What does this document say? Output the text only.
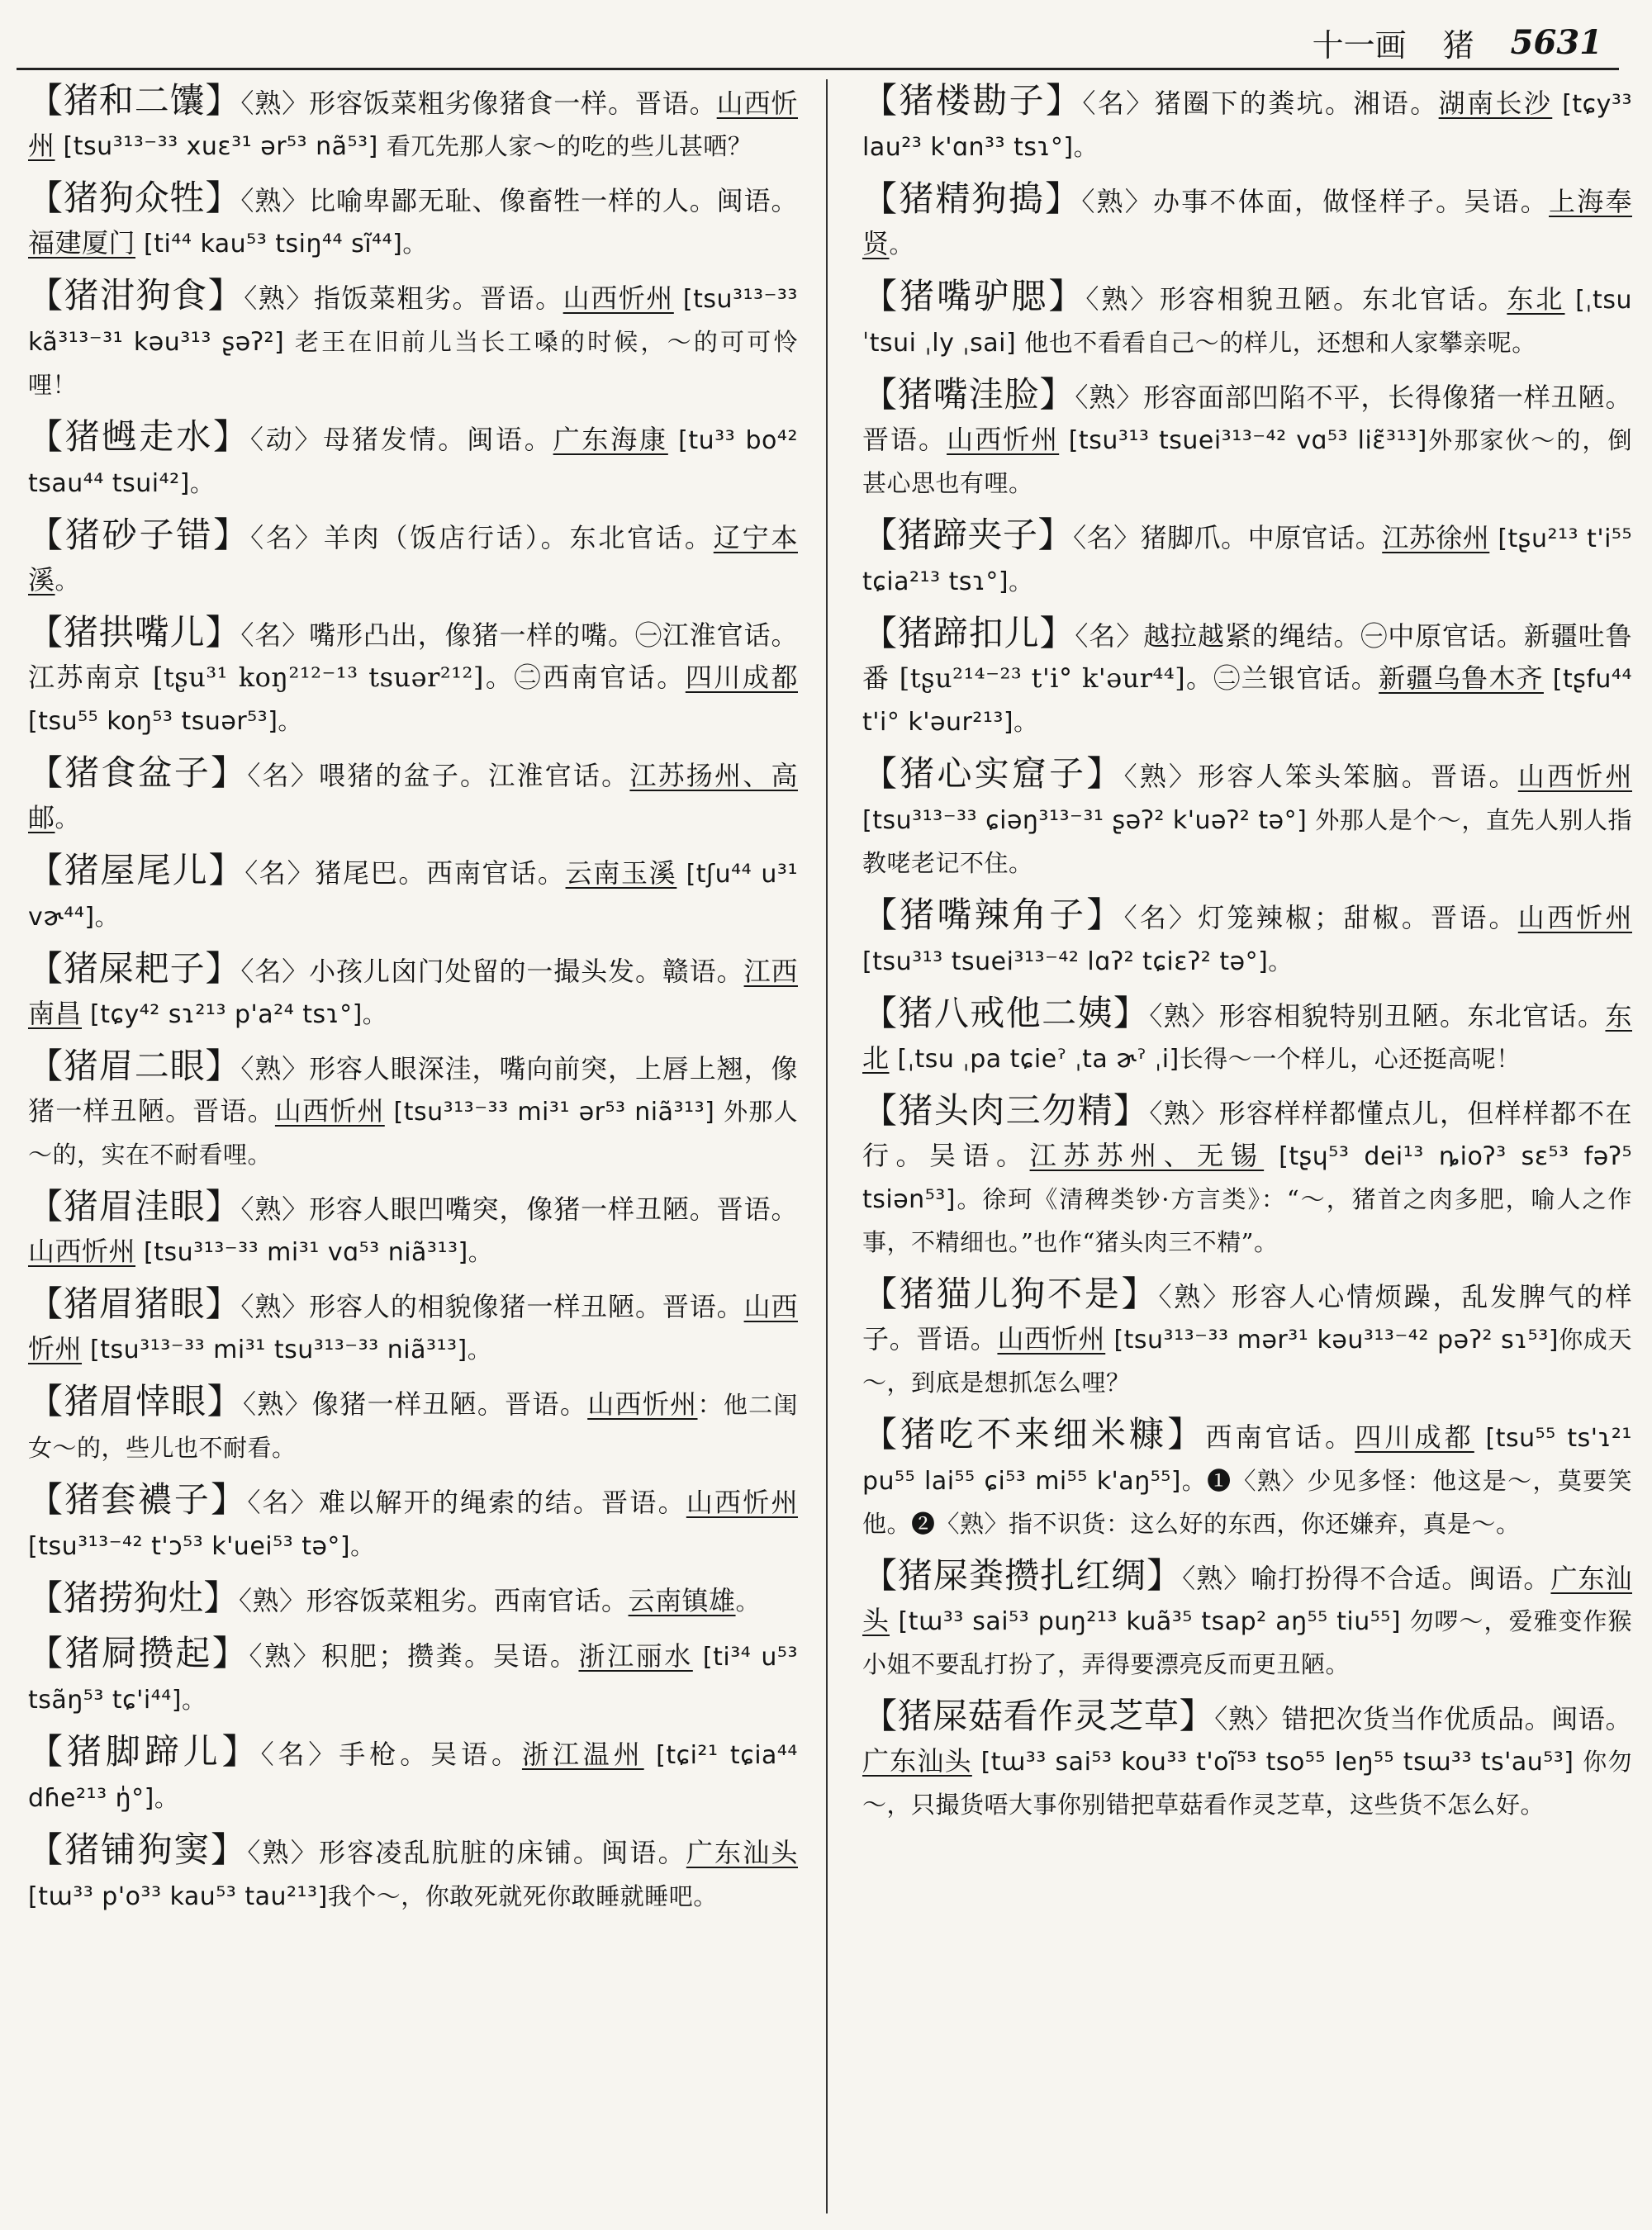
十一画 猪 5631
【猪和二馕】〈熟〉形容饭菜粗劣像猪食一样。晋语。山西忻州 [tsu³¹³⁻³³ xuɛ³¹ ər⁵³ nã⁵³] 看兀先那人家～的吃的些儿甚哂？
【猪狗众牲】〈熟〉比喻卑鄙无耻、像畜牲一样的人。闽语。福建厦门 [ti⁴⁴ kau⁵³ tsiŋ⁴⁴ sĩ⁴⁴]。
【猪泔狗食】〈熟〉指饭菜粗劣。晋语。山西忻州 [tsu³¹³⁻³³ kã³¹³⁻³¹ kəu³¹³ ʂəʔ²] 老王在旧前儿当长工嗓的时候，～的可可怜哩！
【猪乸走水】〈动〉母猪发情。闽语。广东海康 [tu³³ bo⁴² tsau⁴⁴ tsui⁴²]。
【猪砂子错】〈名〉羊肉（饭店行话）。东北官话。辽宁本溪。
【猪拱嘴儿】〈名〉嘴形凸出，像猪一样的嘴。㊀江淮官话。江苏南京 [tʂu³¹ koŋ²¹²⁻¹³ tsuər²¹²]。㊁西南官话。四川成都 [tsu⁵⁵ koŋ⁵³ tsuər⁵³]。
【猪食盆子】〈名〉喂猪的盆子。江淮官话。江苏扬州、高邮。
【猪屋尾儿】〈名〉猪尾巴。西南官话。云南玉溪 [tʃu⁴⁴ u³¹ vɚ⁴⁴]。
【猪屎耙子】〈名〉小孩儿囟门处留的一撮头发。赣语。江西南昌 [tɕy⁴² sɿ²¹³ p'a²⁴ tsɿ°]。
【猪眉二眼】〈熟〉形容人眼深洼，嘴向前突，上唇上翘，像猪一样丑陋。晋语。山西忻州 [tsu³¹³⁻³³ mi³¹ ər⁵³ niã³¹³] 外那人～的，实在不耐看哩。
【猪眉洼眼】〈熟〉形容人眼凹嘴突，像猪一样丑陋。晋语。山西忻州 [tsu³¹³⁻³³ mi³¹ vɑ⁵³ niã³¹³]。
【猪眉猪眼】〈熟〉形容人的相貌像猪一样丑陋。晋语。山西忻州 [tsu³¹³⁻³³ mi³¹ tsu³¹³⁻³³ niã³¹³]。
【猪眉悻眼】〈熟〉像猪一样丑陋。晋语。山西忻州：他二闺女～的，些儿也不耐看。
【猪套襛子】〈名〉难以解开的绳索的结。晋语。山西忻州 [tsu³¹³⁻⁴² t'ɔ⁵³ k'uei⁵³ tə°]。
【猪捞狗灶】〈熟〉形容饭菜粗劣。西南官话。云南镇雄。
【猪屙攒起】〈熟〉积肥；攒粪。吴语。浙江丽水 [ti³⁴ u⁵³ tsãŋ⁵³ tɕ'i⁴⁴]。
【猪脚蹄儿】〈名〉手枪。吴语。浙江温州 [tɕi²¹ tɕia⁴⁴ dɦe²¹³ ŋ̍°]。
【猪铺狗窦】〈熟〉形容凌乱肮脏的床铺。闽语。广东汕头 [tɯ³³ p'o³³ kau⁵³ tau²¹³]我个～，你敢死就死你敢睡就睡吧。
【猪楼勘子】〈名〉猪圈下的粪坑。湘语。湖南长沙 [tɕy³³ lau²³ k'ɑn³³ tsɿ°]。
【猪精狗搗】〈熟〉办事不体面，做怪样子。吴语。上海奉贤。
【猪嘴驴腮】〈熟〉形容相貌丑陋。东北官话。东北 [ˌtsu ˈtsui ˌly ˌsai] 他也不看看自己～的样儿，还想和人家攀亲呢。
【猪嘴洼脸】〈熟〉形容面部凹陷不平，长得像猪一样丑陋。晋语。山西忻州 [tsu³¹³ tsuei³¹³⁻⁴² vɑ⁵³ liɛ̃³¹³]外那家伙～的，倒甚心思也有哩。
【猪蹄夹子】〈名〉猪脚爪。中原官话。江苏徐州 [tʂu²¹³ t'i⁵⁵ tɕia²¹³ tsɿ°]。
【猪蹄扣儿】〈名〉越拉越紧的绳结。㊀中原官话。新疆吐鲁番 [tʂu²¹⁴⁻²³ t'i° k'əur⁴⁴]。㊁兰银官话。新疆乌鲁木齐 [tʂfu⁴⁴ t'i° k'əur²¹³]。
【猪心实窟子】〈熟〉形容人笨头笨脑。晋语。山西忻州 [tsu³¹³⁻³³ ɕiəŋ³¹³⁻³¹ ʂəʔ² k'uəʔ² tə°] 外那人是个～，直先人别人指教咾老记不住。
【猪嘴辣角子】〈名〉灯笼辣椒；甜椒。晋语。山西忻州 [tsu³¹³ tsuei³¹³⁻⁴² lɑʔ² tɕiɛʔ² tə°]。
【猪八戒他二姨】〈熟〉形容相貌特别丑陋。东北官话。东北 [ˌtsu ˌpa tɕieˀ ˌta ɚˀ ˌi]长得～一个样儿，心还挺高呢！
【猪头肉三勿精】〈熟〉形容样样都懂点儿，但样样都不在行。吴语。江苏苏州、无锡 [tʂɥ⁵³ dei¹³ ȵioʔ³ sɛ⁵³ fəʔ⁵ tsiən⁵³]。徐珂《清稗类钞·方言类》：“～，猪首之肉多肥，喻人之作事，不精细也。”也作“猪头肉三不精”。
【猪猫儿狗不是】〈熟〉形容人心情烦躁，乱发脾气的样子。晋语。山西忻州 [tsu³¹³⁻³³ mər³¹ kəu³¹³⁻⁴² pəʔ² sɿ⁵³]你成天～，到底是想抓怎么哩？
【猪吃不来细米糠】西南官话。四川成都 [tsu⁵⁵ ts'ɿ²¹ pu⁵⁵ lai⁵⁵ ɕi⁵³ mi⁵⁵ k'aŋ⁵⁵]。❶〈熟〉少见多怪：他这是～，莫要笑他。❷〈熟〉指不识货：这么好的东西，你还嫌弃，真是～。
【猪屎粪攒扎红绸】〈熟〉喻打扮得不合适。闽语。广东汕头 [tɯ³³ sai⁵³ puŋ²¹³ kuã³⁵ tsap² aŋ⁵⁵ tiu⁵⁵] 勿啰～，爱雅变作猴小姐不要乱打扮了，弄得要漂亮反而更丑陋。
【猪屎菇看作灵芝草】〈熟〉错把次货当作优质品。闽语。广东汕头 [tɯ³³ sai⁵³ kou³³ t'oĩ⁵³ tso⁵⁵ leŋ⁵⁵ tsɯ³³ ts'au⁵³] 你勿～，只撮货唔大事你别错把草菇看作灵芝草，这些货不怎么好。
